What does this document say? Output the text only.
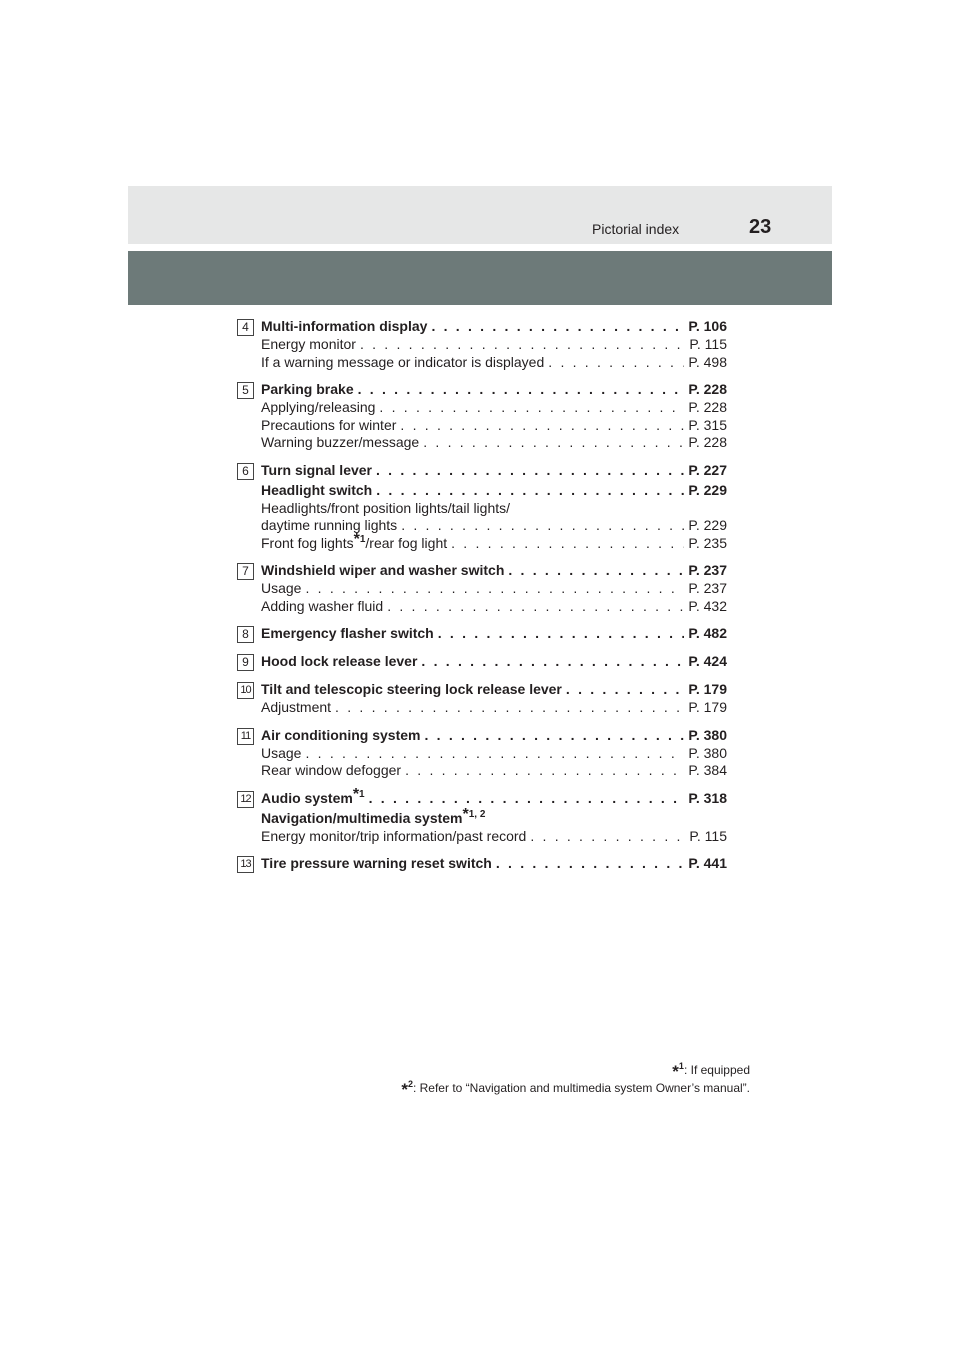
Pictorial index	23
4 Multi-information display . . .	P. 106
Energy monitor . . .	P. 115
If a warning message or indicator is displayed . . .	P. 498
5 Parking brake . . .	P. 228
Applying/releasing . . .	P. 228
Precautions for winter . . .	P. 315
Warning buzzer/message . . .	P. 228
6 Turn signal lever . . .	P. 227
Headlight switch . . .	P. 229
Headlights/front position lights/tail lights/
daytime running lights . . .	P. 229
Front fog lights$^{*1}$/rear fog light . . .	P. 235
7 Windshield wiper and washer switch . . .	P. 237
Usage . . .	P. 237
Adding washer fluid . . .	P. 432
8 Emergency flasher switch . . .	P. 482
9 Hood lock release lever . . .	P. 424
10 Tilt and telescopic steering lock release lever . . .	P. 179
Adjustment . . .	P. 179
11 Air conditioning system . . .	P. 380
Usage . . .	P. 380
Rear window defogger . . .	P. 384
12 Audio system$^{*1}$ . . .	P. 318
Navigation/multimedia system$^{*1, 2}$
Energy monitor/trip information/past record . . .	P. 115
13 Tire pressure warning reset switch . . .	P. 441
*$^1$: If equipped
*$^2$: Refer to “Navigation and multimedia system Owner’s manual”.
